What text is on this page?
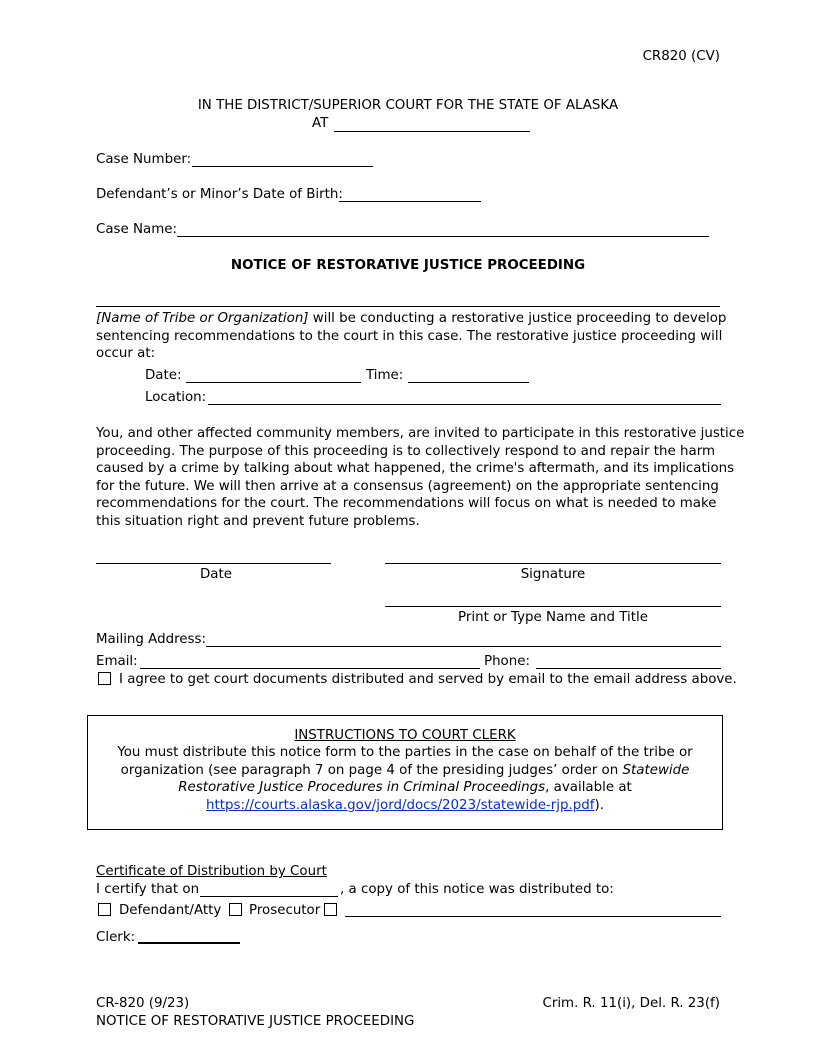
CR820 (CV)
IN THE DISTRICT/SUPERIOR COURT FOR THE STATE OF ALASKA
AT
Case Number:
Defendant’s or Minor’s Date of Birth:
Case Name:
NOTICE OF RESTORATIVE JUSTICE PROCEEDING
[Name of Tribe or Organization] will be conducting a restorative justice proceeding to develop
sentencing recommendations to the court in this case. The restorative justice proceeding will
occur at:
Date:	Time:
Location:
You, and other affected community members, are invited to participate in this restorative justice
proceeding. The purpose of this proceeding is to collectively respond to and repair the harm
caused by a crime by talking about what happened, the crime's aftermath, and its implications
for the future. We will then arrive at a consensus (agreement) on the appropriate sentencing
recommendations for the court. The recommendations will focus on what is needed to make
this situation right and prevent future problems.
Date	Signature
Print or Type Name and Title
Mailing Address:
Email:	Phone:
I agree to get court documents distributed and served by email to the email address above.
INSTRUCTIONS TO COURT CLERK
You must distribute this notice form to the parties in the case on behalf of the tribe or
organization (see paragraph 7 on page 4 of the presiding judges’ order on Statewide
Restorative Justice Procedures in Criminal Proceedings, available at
https://courts.alaska.gov/jord/docs/2023/statewide-rjp.pdf).
Certificate of Distribution by Court
I certify that on	, a copy of this notice was distributed to:
Defendant/Atty Prosecutor
Clerk:
CR-820 (9/23)
NOTICE OF RESTORATIVE JUSTICE PROCEEDING
Crim. R. 11(i), Del. R. 23(f)
